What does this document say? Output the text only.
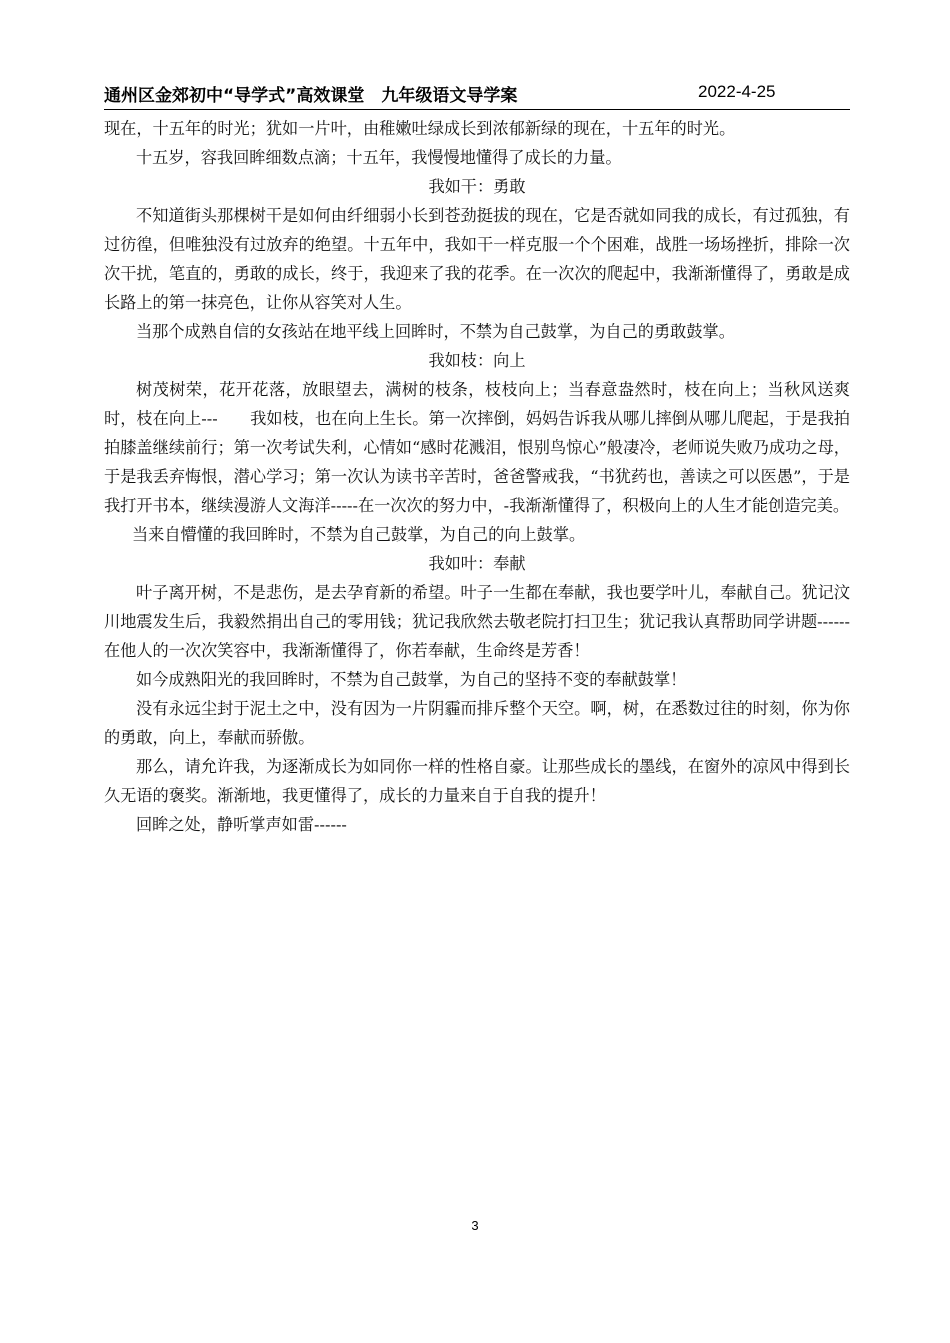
通州区金郊初中“导学式”高效课堂　九年级语文导学案	2022-4-25

现在，十五年的时光；犹如一片叶，由稚嫩吐绿成长到浓郁新绿的现在，十五年的时光。

十五岁，容我回眸细数点滴；十五年，我慢慢地懂得了成长的力量。

我如干：勇敢

不知道街头那棵树干是如何由纤细弱小长到苍劲挺拔的现在，它是否就如同我的成长，有过孤独，有过彷徨，但唯独没有过放弃的绝望。十五年中，我如干一样克服一个个困难，战胜一场场挫折，排除一次次干扰，笔直的，勇敢的成长，终于，我迎来了我的花季。在一次次的爬起中，我渐渐懂得了，勇敢是成长路上的第一抹亮色，让你从容笑对人生。

当那个成熟自信的女孩站在地平线上回眸时，不禁为自己鼓掌，为自己的勇敢鼓掌。

我如枝：向上

树茂树荣，花开花落，放眼望去，满树的枝条，枝枝向上；当春意盎然时，枝在向上；当秋风送爽时，枝在向上---　　我如枝，也在向上生长。第一次摔倒，妈妈告诉我从哪儿摔倒从哪儿爬起，于是我拍拍膝盖继续前行；第一次考试失利，心情如“感时花溅泪，恨别鸟惊心”般凄冷，老师说失败乃成功之母，于是我丢弃悔恨，潜心学习；第一次认为读书辛苦时，爸爸警戒我，“书犹药也，善读之可以医愚”，于是我打开书本，继续漫游人文海洋-----在一次次的努力中，-我渐渐懂得了，积极向上的人生才能创造完美。

当来自懵懂的我回眸时，不禁为自己鼓掌，为自己的向上鼓掌。

我如叶：奉献

叶子离开树，不是悲伤，是去孕育新的希望。叶子一生都在奉献，我也要学叶儿，奉献自己。犹记汶川地震发生后，我毅然捐出自己的零用钱；犹记我欣然去敬老院打扫卫生；犹记我认真帮助同学讲题------在他人的一次次笑容中，我渐渐懂得了，你若奉献，生命终是芳香！

如今成熟阳光的我回眸时，不禁为自己鼓掌，为自己的坚持不变的奉献鼓掌！

没有永远尘封于泥土之中，没有因为一片阴霾而排斥整个天空。啊，树，在悉数过往的时刻，你为你的勇敢，向上，奉献而骄傲。

那么，请允许我，为逐渐成长为如同你一样的性格自豪。让那些成长的墨线，在窗外的凉风中得到长久无语的褒奖。渐渐地，我更懂得了，成长的力量来自于自我的提升！

回眸之处，静听掌声如雷------

3
